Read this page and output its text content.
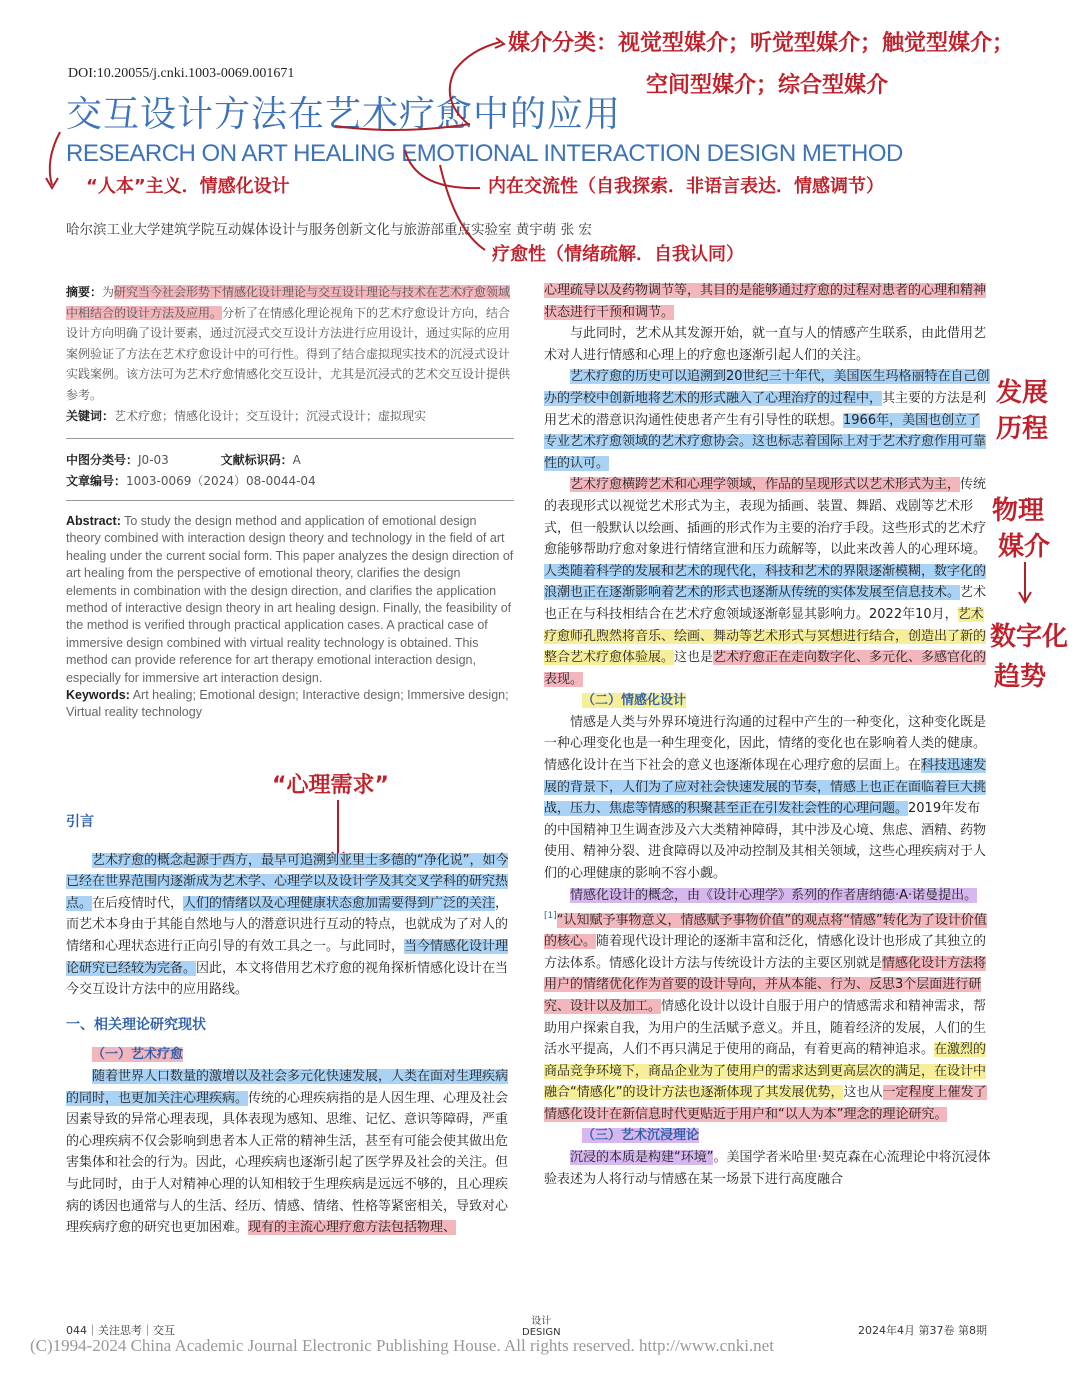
DOI:10.20055/j.cnki.1003-0069.001671
交互设计方法在艺术疗愈中的应用
RESEARCH ON ART HEALING EMOTIONAL INTERACTION DESIGN METHOD
哈尔滨工业大学建筑学院互动媒体设计与服务创新文化与旅游部重点实验室 黄宇萌 张 宏
媒介分类：视觉型媒介；听觉型媒介；触觉型媒介；
空间型媒介；综合型媒介
“人本”主义．情感化设计	内在交流性（自我探索．非语言表达．情感调节）
疗愈性（情绪疏解．自我认同）
“心理需求”
发展
历程
物理
媒介
数字化
趋势

摘要：为研究当今社会形势下情感化设计理论与交互设计理论与技术在艺术疗愈领域中相结合的设计方法及应用。分析了在情感化理论视角下的艺术疗愈设计方向，结合设计方向明确了设计要素，通过沉浸式交互设计方法进行应用设计，通过实际的应用案例验证了方法在艺术疗愈设计中的可行性。得到了结合虚拟现实技术的沉浸式设计实践案例。该方法可为艺术疗愈情感化交互设计，尤其是沉浸式的艺术交互设计提供参考。

关键词：艺术疗愈；情感化设计；交互设计；沉浸式设计；虚拟现实

中图分类号：J0-03	文献标识码：A
文章编号：1003-0069（2024）08-0044-04

Abstract: To study the design method and application of emotional design theory combined with interaction design theory and technology in the field of art healing under the current social form. This paper analyzes the design direction of art healing from the perspective of emotional theory, clarifies the design elements in combination with the design direction, and clarifies the application method of interactive design theory in art healing design. Finally, the feasibility of the method is verified through practical application cases. A practical case of immersive design combined with virtual reality technology is obtained. This method can provide reference for art therapy emotional interaction design, especially for immersive art interaction design.

Keywords: Art healing; Emotional design; Interactive design; Immersive design; Virtual reality technology

引言

艺术疗愈的概念起源于西方，最早可追溯到亚里士多德的“净化说”，如今已经在世界范围内逐渐成为艺术学、心理学以及设计学及其交叉学科的研究热点。在后疫情时代，人们的情绪以及心理健康状态愈加需要得到广泛的关注，而艺术本身由于其能自然地与人的潜意识进行互动的特点，也就成为了对人的情绪和心理状态进行正向引导的有效工具之一。与此同时，当今情感化设计理论研究已经较为完备。因此，本文将借用艺术疗愈的视角探析情感化设计在当今交互设计方法中的应用路线。

一、相关理论研究现状
（一）艺术疗愈

随着世界人口数量的激增以及社会多元化快速发展，人类在面对生理疾病的同时，也更加关注心理疾病。传统的心理疾病指的是人因生理、心理及社会因素导致的异常心理表现，具体表现为感知、思维、记忆、意识等障碍，严重的心理疾病不仅会影响到患者本人正常的精神生活，甚至有可能会使其做出危害集体和社会的行为。因此，心理疾病也逐渐引起了医学界及社会的关注。但与此同时，由于人对精神心理的认知相较于生理疾病是远远不够的，且心理疾病的诱因也通常与人的生活、经历、情感、情绪、性格等紧密相关，导致对心理疾病疗愈的研究也更加困难。现有的主流心理疗愈方法包括物理、

心理疏导以及药物调节等，其目的是能够通过疗愈的过程对患者的心理和精神状态进行干预和调节。

与此同时，艺术从其发源开始，就一直与人的情感产生联系，由此借用艺术对人进行情感和心理上的疗愈也逐渐引起人们的关注。

艺术疗愈的历史可以追溯到20世纪三十年代，美国医生玛格丽特在自己创办的学校中创新地将艺术的形式融入了心理治疗的过程中，其主要的方法是利用艺术的潜意识沟通性使患者产生有引导性的联想。1966年，美国也创立了专业艺术疗愈领域的艺术疗愈协会。这也标志着国际上对于艺术疗愈作用可靠性的认可。

艺术疗愈横跨艺术和心理学领域，作品的呈现形式以艺术形式为主，传统的表现形式以视觉艺术形式为主，表现为插画、装置、舞蹈、戏剧等艺术形式，但一般默认以绘画、插画的形式作为主要的治疗手段。这些形式的艺术疗愈能够帮助疗愈对象进行情绪宣泄和压力疏解等，以此来改善人的心理环境。人类随着科学的发展和艺术的现代化，科技和艺术的界限逐渐模糊，数字化的浪潮也正在逐渐影响着艺术的形式也逐渐从传统的实体发展至信息技术。艺术也正在与科技相结合在艺术疗愈领域逐渐彰显其影响力。2022年10月，艺术疗愈师孔煦然将音乐、绘画、舞动等艺术形式与冥想进行结合，创造出了新的整合艺术疗愈体验展。这也是艺术疗愈正在走向数字化、多元化、多感官化的表现。

（二）情感化设计

情感是人类与外界环境进行沟通的过程中产生的一种变化，这种变化既是一种心理变化也是一种生理变化，因此，情绪的变化也在影响着人类的健康。情感化设计在当下社会的意义也逐渐体现在心理疗愈的层面上。在科技迅速发展的背景下，人们为了应对社会快速发展的节奏，情感上也正在面临着巨大挑战，压力、焦虑等情感的积聚甚至正在引发社会性的心理问题。2019年发布的中国精神卫生调查涉及六大类精神障碍，其中涉及心境、焦虑、酒精、药物使用、精神分裂、进食障碍以及冲动控制及其相关领域，这些心理疾病对于人们的心理健康的影响不容小觑。

情感化设计的概念，由《设计心理学》系列的作者唐纳德·A·诺曼提出。[1]“认知赋予事物意义，情感赋予事物价值”的观点将“情感”转化为了设计价值的核心。随着现代设计理论的逐渐丰富和泛化，情感化设计也形成了其独立的方法体系。情感化设计方法与传统设计方法的主要区别就是情感化设计方法将用户的情绪优化作为首要的设计导向，并从本能、行为、反思3个层面进行研究、设计以及加工。情感化设计以设计自服于用户的情感需求和精神需求，帮助用户探索自我，为用户的生活赋予意义。并且，随着经济的发展，人们的生活水平提高，人们不再只满足于使用的商品，有着更高的精神追求。在激烈的商品竞争环境下，商品企业为了使用户的需求达到更高层次的满足，在设计中融合“情感化”的设计方法也逐渐体现了其发展优势，这也从一定程度上催发了情感化设计在新信息时代更贴近于用户和“以人为本”理念的理论研究。

（三）艺术沉浸理论

沉浸的本质是构建“环境”。美国学者米哈里·契克森在心流理论中将沉浸体验表述为人将行动与情感在某一场景下进行高度融合

044｜关注思考｜交互
设计
DESIGN	2024年4月 第37卷 第8期
(C)1994-2024 China Academic Journal Electronic Publishing House. All rights reserved. http://www.cnki.net
